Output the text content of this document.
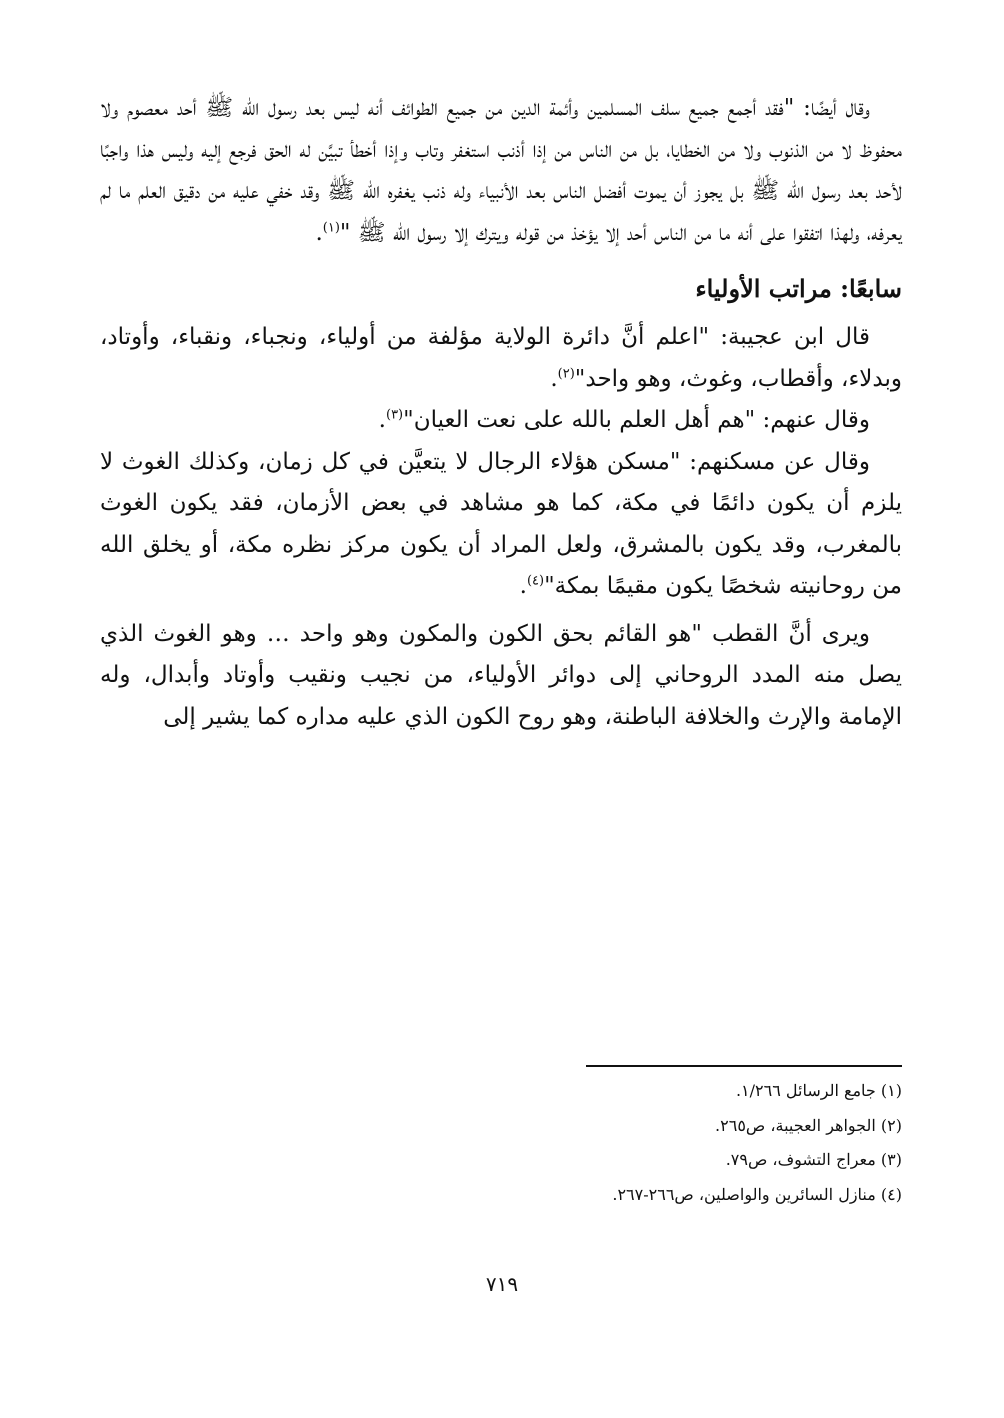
وقال أيضًا: "فقد أجمع جميع سلف المسلمين وأئمة الدين من جميع الطوائف أنه ليس بعد رسول الله ﷺ أحد معصوم ولا محفوظ لا من الذنوب ولا من الخطايا، بل من الناس من إذا أذنب استغفر وتاب وإذا أخطأ تبيَّن له الحق فرجع إليه وليس هذا واجبًا لأحد بعد رسول الله ﷺ بل يجوز أن يموت أفضل الناس بعد الأنبياء وله ذنب يغفره الله ﷺ وقد خفي عليه من دقيق العلم ما لم يعرفه، ولهذا اتفقوا على أنه ما من الناس أحد إلا يؤخذ من قوله ويترك إلا رسول الله ﷺ "$^{(١)}$.

سابعًا: مراتب الأولياء

قال ابن عجيبة: "اعلم أنَّ دائرة الولاية مؤلفة من أولياء، ونجباء، ونقباء، وأوتاد، وبدلاء، وأقطاب، وغوث، وهو واحد"$^{(٢)}$.

وقال عنهم: "هم أهل العلم بالله على نعت العيان"$^{(٣)}$.

وقال عن مسكنهم: "مسكن هؤلاء الرجال لا يتعيَّن في كل زمان، وكذلك الغوث لا يلزم أن يكون دائمًا في مكة، كما هو مشاهد في بعض الأزمان، فقد يكون الغوث بالمغرب، وقد يكون بالمشرق، ولعل المراد أن يكون مركز نظره مكة، أو يخلق الله من روحانيته شخصًا يكون مقيمًا بمكة"$^{(٤)}$.

ويرى أنَّ القطب "هو القائم بحق الكون والمكون وهو واحد … وهو الغوث الذي يصل منه المدد الروحاني إلى دوائر الأولياء، من نجيب ونقيب وأوتاد وأبدال، وله الإمامة والإرث والخلافة الباطنة، وهو روح الكون الذي عليه مداره كما يشير إلى

(١) جامع الرسائل ١/٢٦٦.

(٢) الجواهر العجيبة، ص٢٦٥.

(٣) معراج التشوف، ص٧٩.

(٤) منازل السائرين والواصلين، ص٢٦٦-٢٦٧.

٧١٩
